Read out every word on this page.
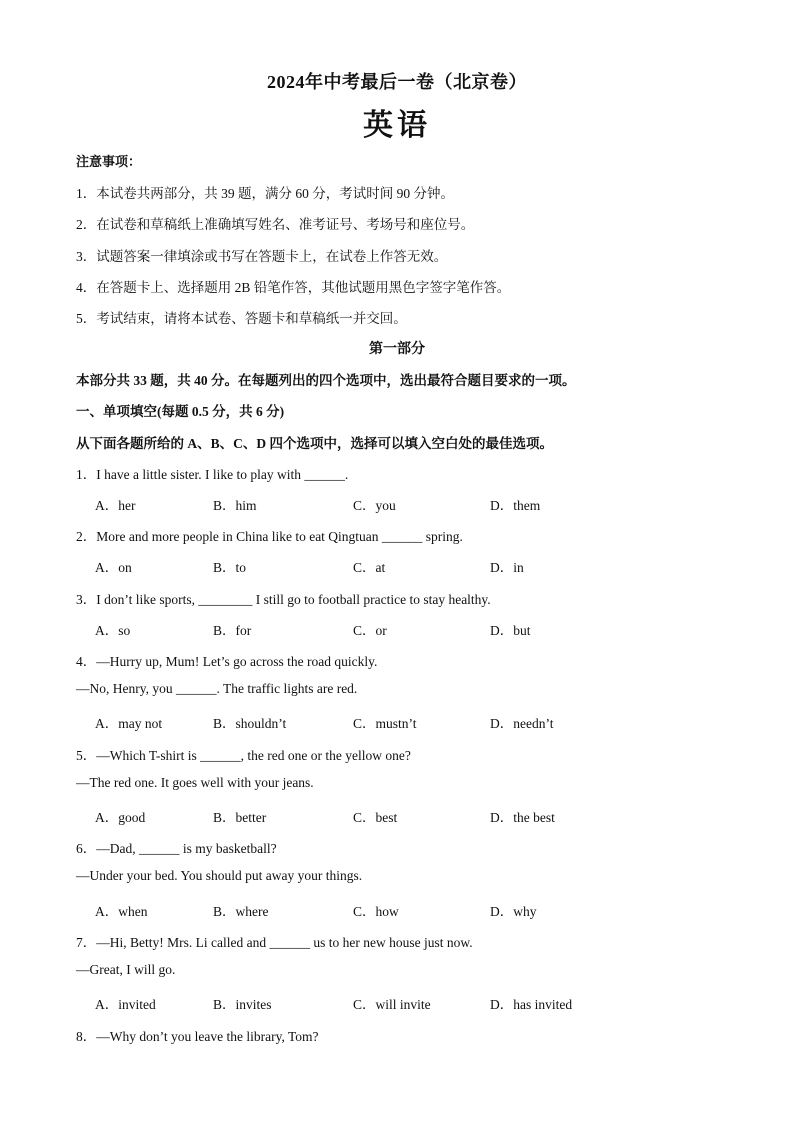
2024年中考最后一卷（北京卷）
英语
注意事项：
1．本试卷共两部分，共 39 题，满分 60 分，考试时间 90 分钟。
2．在试卷和草稿纸上准确填写姓名、准考证号、考场号和座位号。
3．试题答案一律填涂或书写在答题卡上，在试卷上作答无效。
4．在答题卡上、选择题用 2B 铅笔作答，其他试题用黑色字签字笔作答。
5．考试结束，请将本试卷、答题卡和草稿纸一并交回。
第一部分
本部分共 33 题，共 40 分。在每题列出的四个选项中，选出最符合题目要求的一项。
一、单项填空(每题 0.5 分，共 6 分)
从下面各题所给的 A、B、C、D 四个选项中，选择可以填入空白处的最佳选项。
1．I have a little sister. I like to play with ______.
A．her	B．him	C．you	D．them
2．More and more people in China like to eat Qingtuan ______ spring.
A．on	B．to	C．at	D．in
3．I don’t like sports, ________ I still go to football practice to stay healthy.
A．so	B．for	C．or	D．but
4．—Hurry up, Mum! Let’s go across the road quickly.
—No, Henry, you ______. The traffic lights are red.
A．may not	B．shouldn’t	C．mustn’t	D．needn’t
5．—Which T-shirt is ______, the red one or the yellow one?
—The red one. It goes well with your jeans.
A．good	B．better	C．best	D．the best
6．—Dad, ______ is my basketball?
—Under your bed. You should put away your things.
A．when	B．where	C．how	D．why
7．—Hi, Betty! Mrs. Li called and ______ us to her new house just now.
—Great, I will go.
A．invited	B．invites	C．will invite	D．has invited
8．—Why don’t you leave the library, Tom?
